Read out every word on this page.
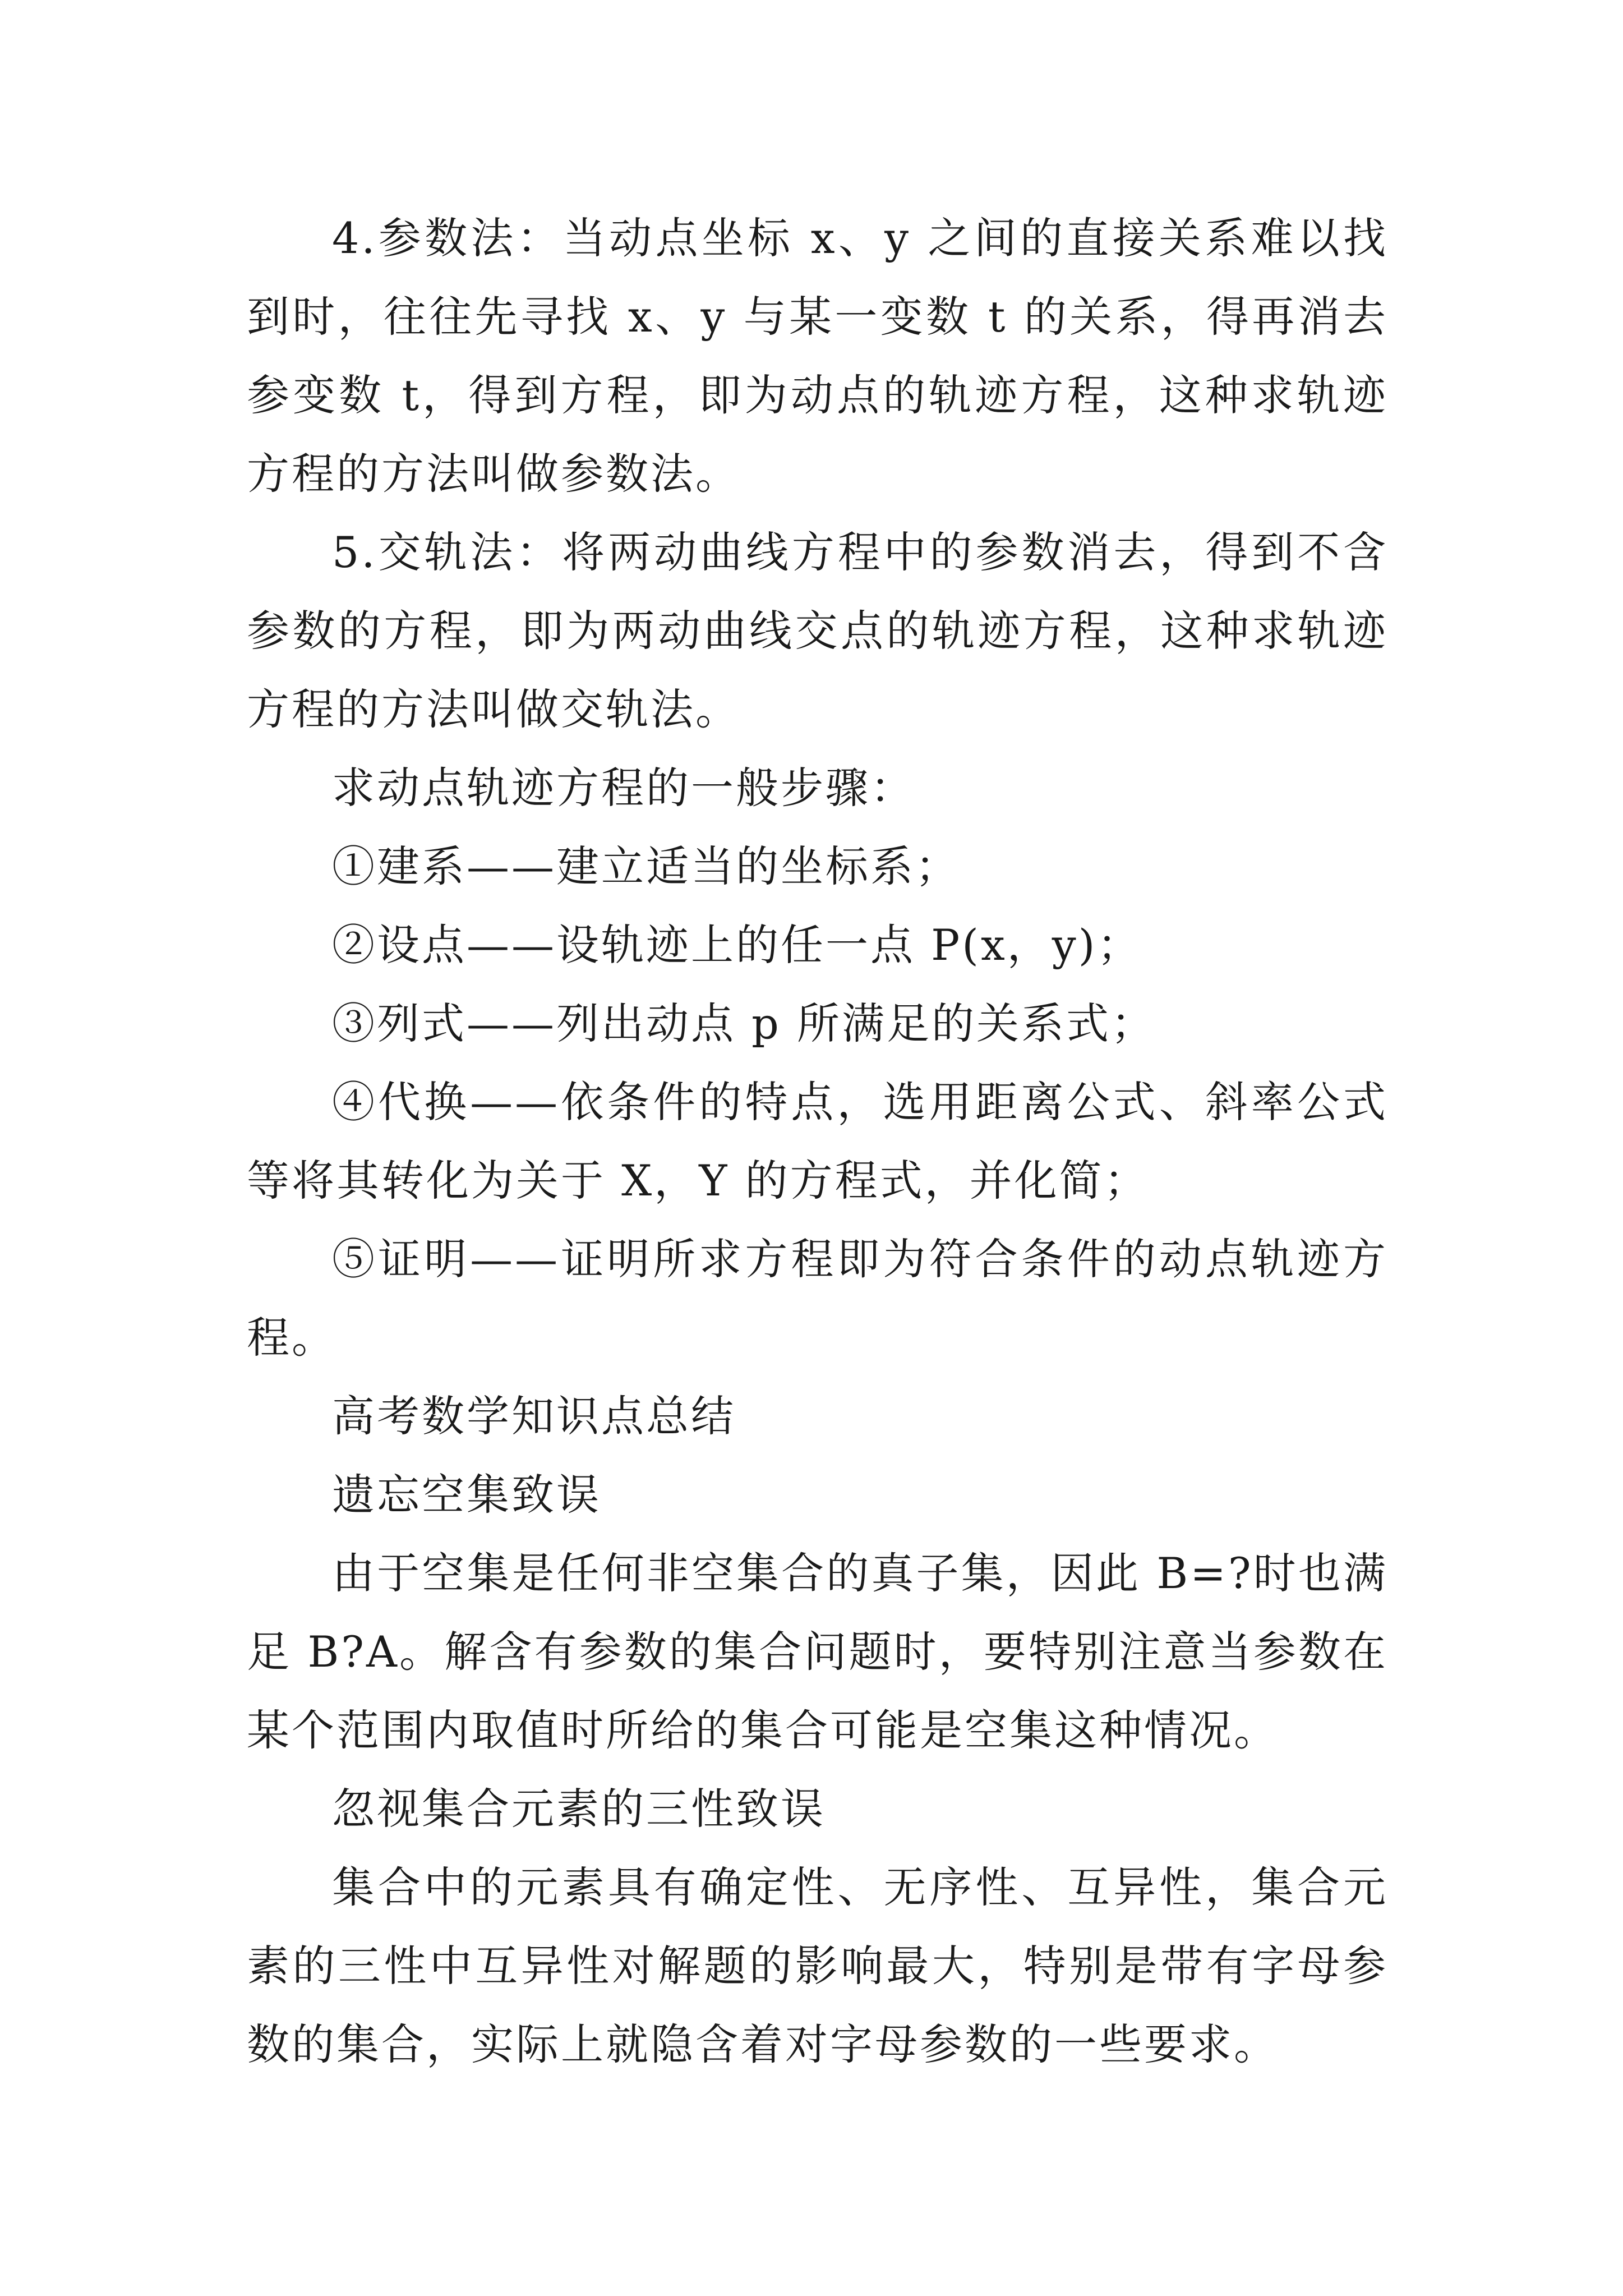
4.参数法：当动点坐标 x、y 之间的直接关系难以找到时，往往先寻找 x、y 与某一变数 t 的关系，得再消去参变数 t，得到方程，即为动点的轨迹方程，这种求轨迹方程的方法叫做参数法。

5.交轨法：将两动曲线方程中的参数消去，得到不含参数的方程，即为两动曲线交点的轨迹方程，这种求轨迹方程的方法叫做交轨法。

求动点轨迹方程的一般步骤：

①建系——建立适当的坐标系；

②设点——设轨迹上的任一点 P(x，y)；

③列式——列出动点 p 所满足的关系式；

④代换——依条件的特点，选用距离公式、斜率公式等将其转化为关于 X，Y 的方程式，并化简；

⑤证明——证明所求方程即为符合条件的动点轨迹方程。

高考数学知识点总结

遗忘空集致误

由于空集是任何非空集合的真子集，因此 B=?时也满足 B?A。解含有参数的集合问题时，要特别注意当参数在某个范围内取值时所给的集合可能是空集这种情况。

忽视集合元素的三性致误

集合中的元素具有确定性、无序性、互异性，集合元素的三性中互异性对解题的影响最大，特别是带有字母参数的集合，实际上就隐含着对字母参数的一些要求。
